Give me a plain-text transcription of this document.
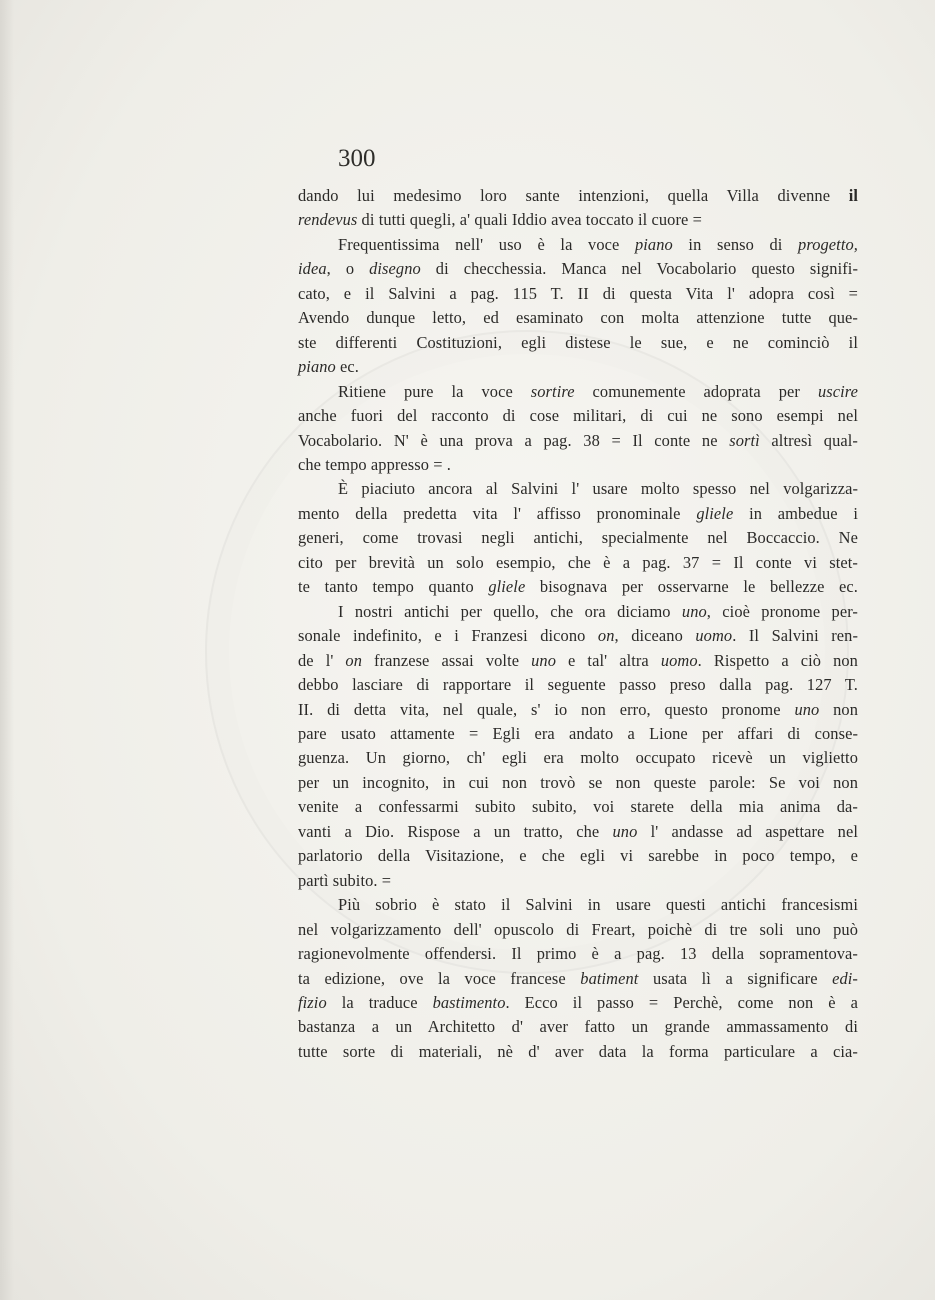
300
dando lui medesimo loro sante intenzioni, quella Villa divenne il
rendevus di tutti quegli, a' quali Iddio avea toccato il cuore =
Frequentissima nell' uso è la voce piano in senso di progetto,
idea, o disegno di checchessia. Manca nel Vocabolario questo signifi-
cato, e il Salvini a pag. 115 T. II di questa Vita l' adopra così =
Avendo dunque letto, ed esaminato con molta attenzione tutte que-
ste differenti Costituzioni, egli distese le sue, e ne cominciò il
piano ec.
Ritiene pure la voce sortire comunemente adoprata per uscire
anche fuori del racconto di cose militari, di cui ne sono esempi nel
Vocabolario. N' è una prova a pag. 38 = Il conte ne sortì altresì qual-
che tempo appresso = .
È piaciuto ancora al Salvini l' usare molto spesso nel volgarizza-
mento della predetta vita l' affisso pronominale gliele in ambedue i
generi, come trovasi negli antichi, specialmente nel Boccaccio. Ne
cito per brevità un solo esempio, che è a pag. 37 = Il conte vi stet-
te tanto tempo quanto gliele bisognava per osservarne le bellezze ec.
I nostri antichi per quello, che ora diciamo uno, cioè pronome per-
sonale indefinito, e i Franzesi dicono on, diceano uomo. Il Salvini ren-
de l' on franzese assai volte uno e tal' altra uomo. Rispetto a ciò non
debbo lasciare di rapportare il seguente passo preso dalla pag. 127 T.
II. di detta vita, nel quale, s' io non erro, questo pronome uno non
pare usato attamente = Egli era andato a Lione per affari di conse-
guenza. Un giorno, ch' egli era molto occupato ricevè un viglietto
per un incognito, in cui non trovò se non queste parole: Se voi non
venite a confessarmi subito subito, voi starete della mia anima da-
vanti a Dio. Rispose a un tratto, che uno l' andasse ad aspettare nel
parlatorio della Visitazione, e che egli vi sarebbe in poco tempo, e
partì subito. =
Più sobrio è stato il Salvini in usare questi antichi francesismi
nel volgarizzamento dell' opuscolo di Freart, poichè di tre soli uno può
ragionevolmente offendersi. Il primo è a pag. 13 della sopramentova-
ta edizione, ove la voce francese batiment usata lì a significare edi-
fizio la traduce bastimento. Ecco il passo = Perchè, come non è a
bastanza a un Architetto d' aver fatto un grande ammassamento di
tutte sorte di materiali, nè d' aver data la forma particulare a cia-
